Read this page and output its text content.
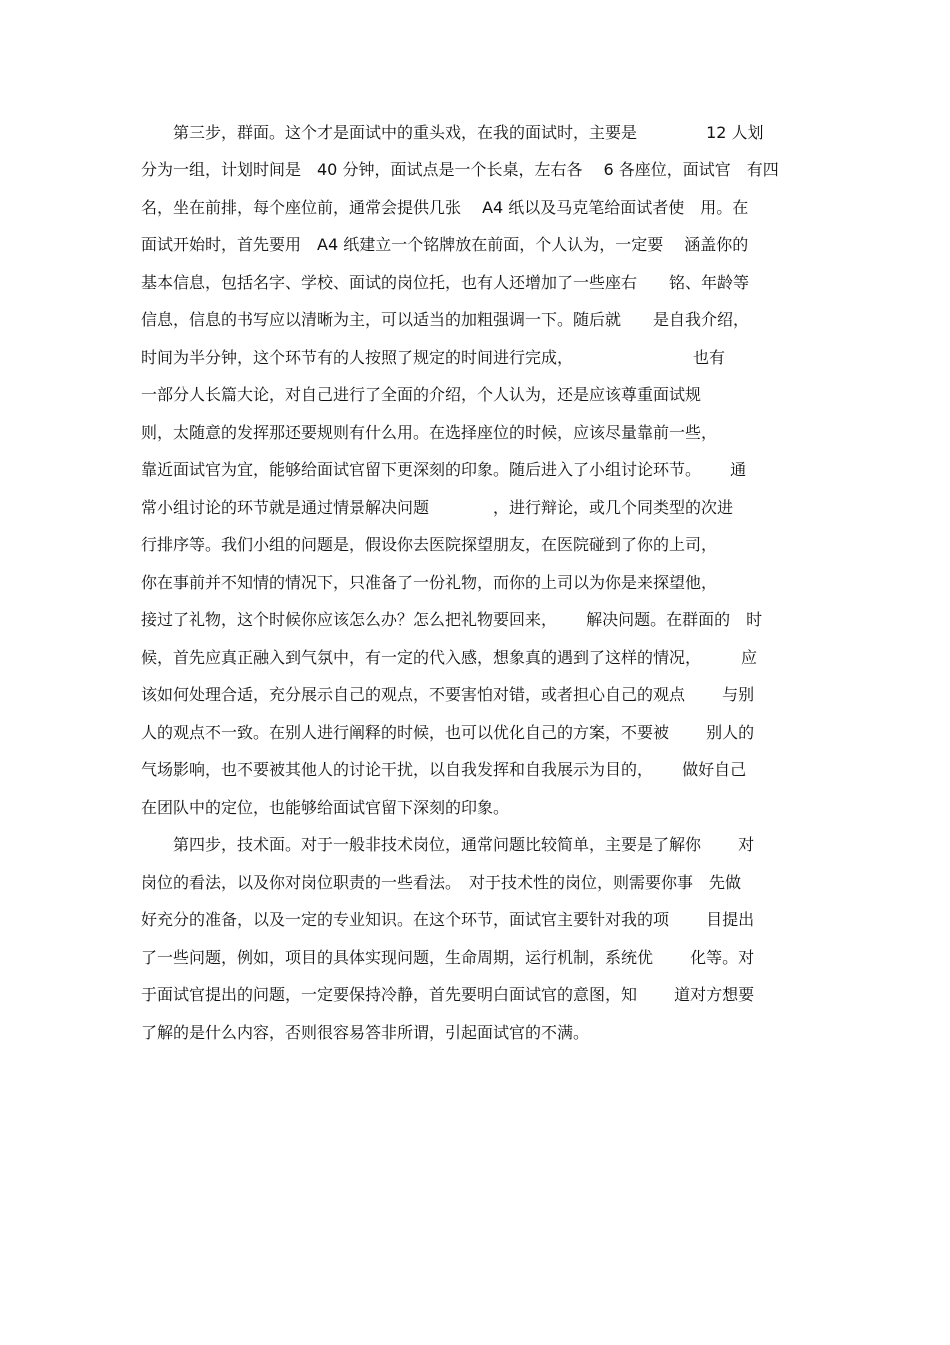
　　第三步，群面。这个才是面试中的重头戏，在我的面试时，主要是 　　　　12 人划
分为一组，计划时间是　40 分钟，面试点是一个长桌，左右各　 6 各座位，面试官　有四
名，坐在前排，每个座位前，通常会提供几张　 A4 纸以及马克笔给面试者使　用。在
面试开始时，首先要用　A4 纸建立一个铭牌放在前面，个人认为，一定要 　涵盖你的
基本信息，包括名字、学校、面试的岗位托，也有人还增加了一些座右　　铭、年龄等
信息，信息的书写应以清晰为主，可以适当的加粗强调一下。随后就　　是自我介绍，
时间为半分钟，这个环节有的人按照了规定的时间进行完成，　　　　　　　　也有
一部分人长篇大论，对自己进行了全面的介绍，个人认为，还是应该尊重面试规
则，太随意的发挥那还要规则有什么用。在选择座位的时候，应该尽量靠前一些，
靠近面试官为宜，能够给面试官留下更深刻的印象。随后进入了小组讨论环节。　　 通
常小组讨论的环节就是通过情景解决问题　　　　，进行辩论，或几个同类型的次进
行排序等。我们小组的问题是，假设你去医院探望朋友，在医院碰到了你的上司，
你在事前并不知情的情况下，只准备了一份礼物，而你的上司以为你是来探望他，
接过了礼物，这个时候你应该怎么办？怎么把礼物要回来，　　 解决问题。在群面的　时
候，首先应真正融入到气氛中，有一定的代入感，想象真的遇到了这样的情况，　　　应
该如何处理合适，充分展示自己的观点，不要害怕对错，或者担心自己的观点　　 与别
人的观点不一致。在别人进行阐释的时候，也可以优化自己的方案，不要被　　 别人的
气场影响，也不要被其他人的讨论干扰，以自我发挥和自我展示为目的，　　 做好自己
在团队中的定位，也能够给面试官留下深刻的印象。
　　第四步，技术面。对于一般非技术岗位，通常问题比较简单，主要是了解你　　 对
岗位的看法，以及你对岗位职责的一些看法。　对于技术性的岗位，则需要你事　先做
好充分的准备，以及一定的专业知识。在这个环节，面试官主要针对我的项　　 目提出
了一些问题，例如，项目的具体实现问题，生命周期，运行机制，系统优　　 化等。对
于面试官提出的问题，一定要保持冷静，首先要明白面试官的意图，知　　 道对方想要
了解的是什么内容，否则很容易答非所谓，引起面试官的不满。
